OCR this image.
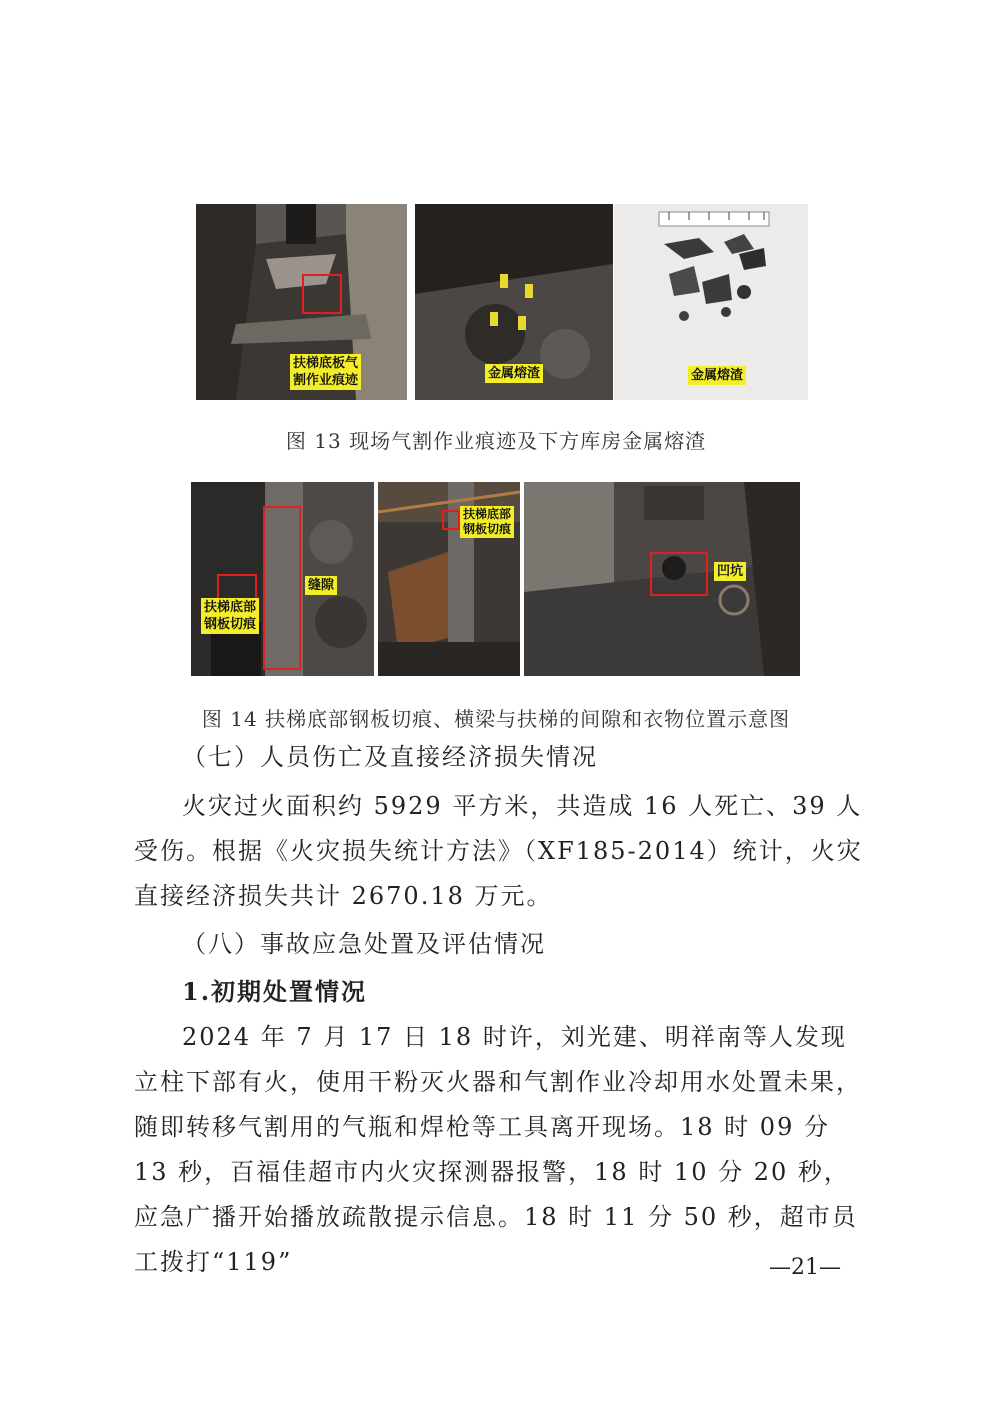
扶梯底板气
割作业痕迹	金属熔渣	金属熔渣
图 13 现场气割作业痕迹及下方库房金属熔渣
扶梯底部
钢板切痕
缝隙
扶梯底部
钢板切痕
凹坑
图 14 扶梯底部钢板切痕、横梁与扶梯的间隙和衣物位置示意图
（七）人员伤亡及直接经济损失情况
火灾过火面积约 5929 平方米，共造成 16 人死亡、39 人受伤。根据《火灾损失统计方法》（XF185-2014）统计，火灾直接经济损失共计 2670.18 万元。
（八）事故应急处置及评估情况
1.初期处置情况
2024 年 7 月 17 日 18 时许，刘光建、明祥南等人发现立柱下部有火，使用干粉灭火器和气割作业冷却用水处置未果，随即转移气割用的气瓶和焊枪等工具离开现场。18 时 09 分 13 秒，百福佳超市内火灾探测器报警，18 时 10 分 20 秒，应急广播开始播放疏散提示信息。18 时 11 分 50 秒，超市员工拨打“119”	—21—
